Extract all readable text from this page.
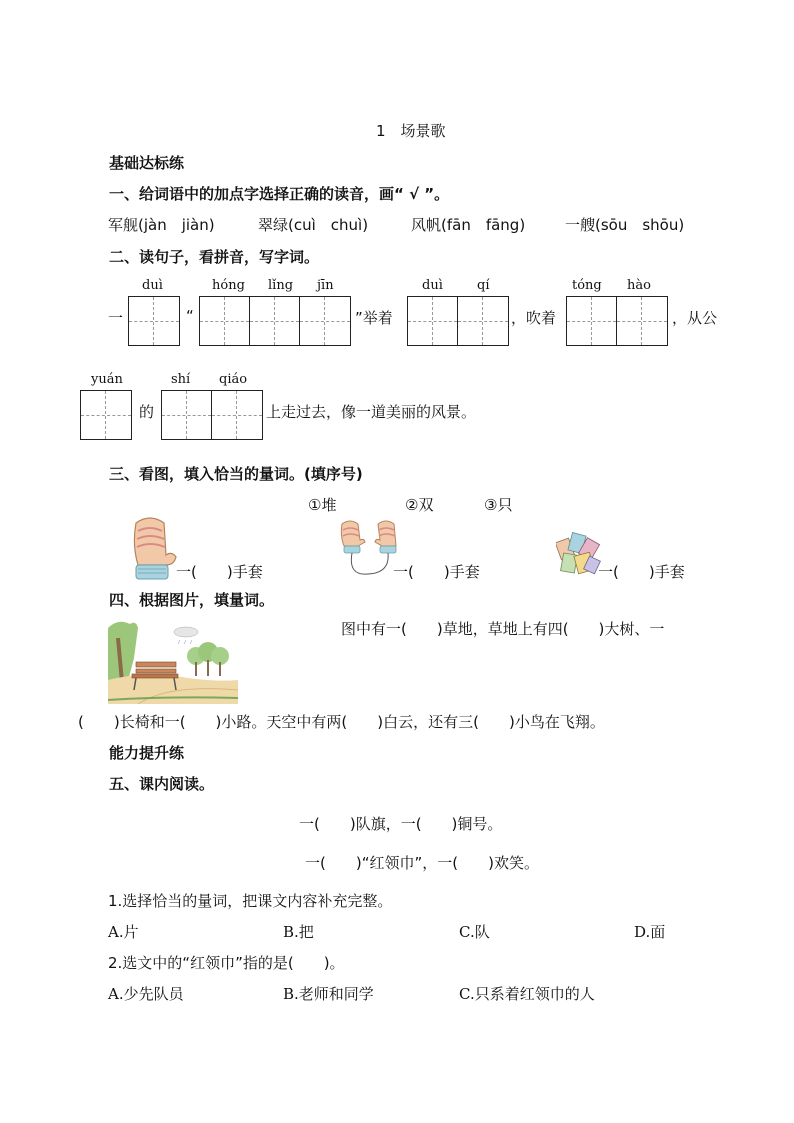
1　场景歌
基础达标练
一、给词语中的加点字选择正确的读音，画“ √ ”。
军舰(jàn　jiàn)	翠绿(cuì　chuì)	风帆(fān　fāng)	一艘(sōu　shōu)
二、读句子，看拼音，写字词。
duì	hóng lǐng jīn	duì	qí	tóng hào
一	“	”举着	，吹着	，从公
yuán	shí qiáo
的	上走过去，像一道美丽的风景。
三、看图，填入恰当的量词。(填序号)
①堆	②双	③只
一(　　)手套	一(　　)手套	一(　　)手套
四、根据图片，填量词。
图中有一(　　)草地，草地上有四(　　)大树、一
(　　)长椅和一(　　)小路。天空中有两(　　)白云，还有三(　　)小鸟在飞翔。
能力提升练
五、课内阅读。
一(　　)队旗，一(　　)铜号。
一(　　)“红领巾”，一(　　)欢笑。
1.选择恰当的量词，把课文内容补充完整。
A.片	B.把	C.队	D.面
2.选文中的“红领巾”指的是(　　)。
A.少先队员	B.老师和同学	C.只系着红领巾的人
